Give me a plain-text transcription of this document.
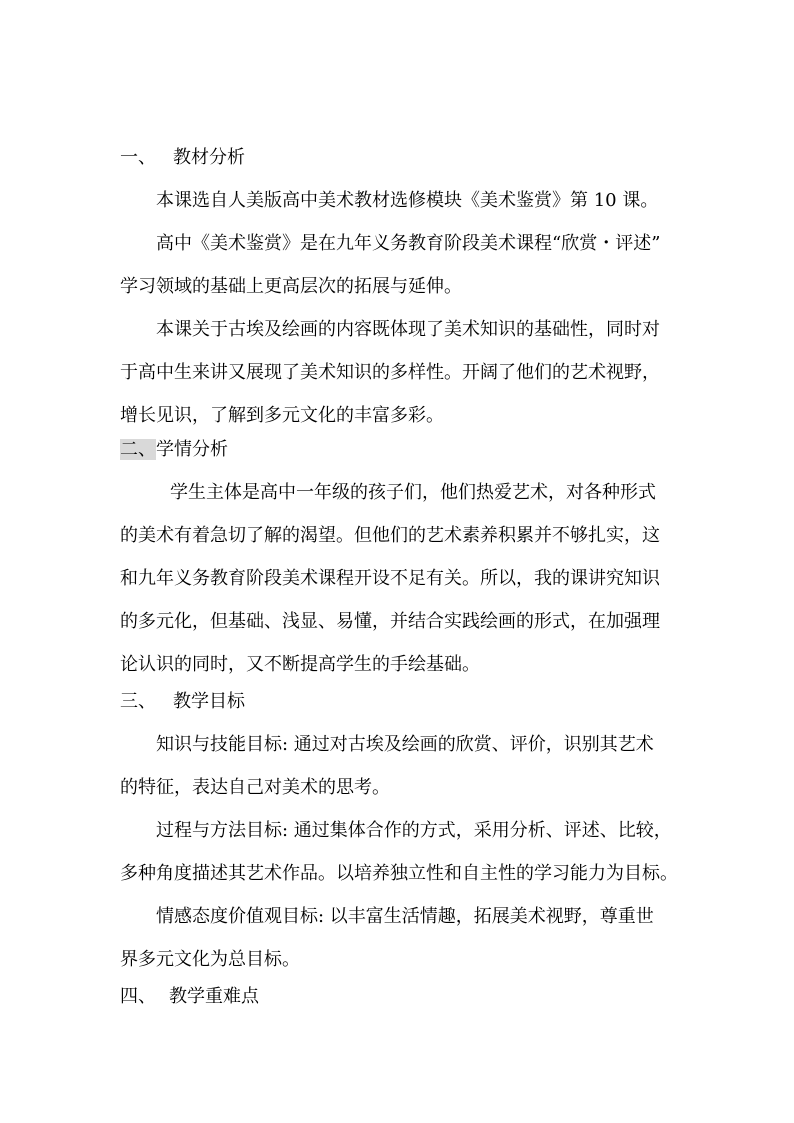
一、 教材分析
本课选自人美版高中美术教材选修模块《美术鉴赏》第 10 课。
高中《美术鉴赏》是在九年义务教育阶段美术课程“欣赏・评述”
学习领域的基础上更高层次的拓展与延伸。
本课关于古埃及绘画的内容既体现了美术知识的基础性，同时对
于高中生来讲又展现了美术知识的多样性。开阔了他们的艺术视野，
增长见识，了解到多元文化的丰富多彩。
二、学情分析
学生主体是高中一年级的孩子们，他们热爱艺术，对各种形式
的美术有着急切了解的渴望。但他们的艺术素养积累并不够扎实，这
和九年义务教育阶段美术课程开设不足有关。所以，我的课讲究知识
的多元化，但基础、浅显、易懂，并结合实践绘画的形式，在加强理
论认识的同时，又不断提高学生的手绘基础。
三、 教学目标
知识与技能目标: 通过对古埃及绘画的欣赏、评价，识别其艺术
的特征，表达自己对美术的思考。
过程与方法目标: 通过集体合作的方式，采用分析、评述、比较，
多种角度描述其艺术作品。以培养独立性和自主性的学习能力为目标。
情感态度价值观目标: 以丰富生活情趣，拓展美术视野，尊重世
界多元文化为总目标。
四、 教学重难点
